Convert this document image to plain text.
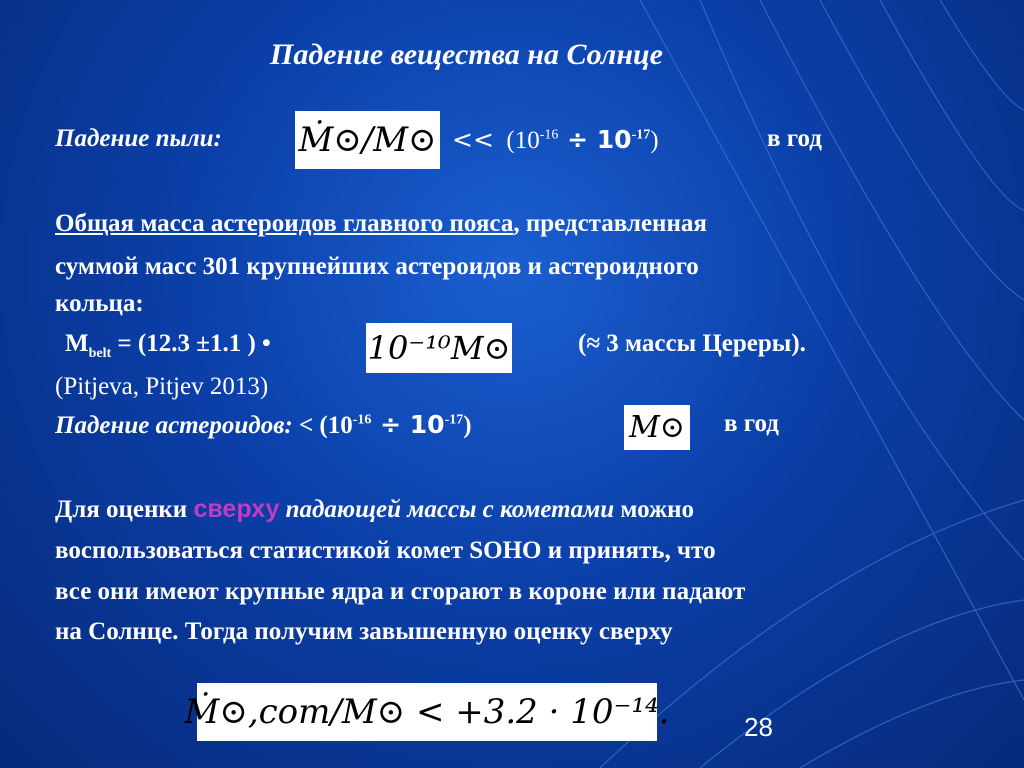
Падение вещества на Солнце
Падение пыли: Ṁ⊙/M⊙ << $(10^{-16} \div 10^{-17})$	в год
Общая масса астероидов главного пояса, представленная
суммой масс 301 крупнейших астероидов и астероидного
кольца:
$M_{belt} = (12.3 \pm 1.1$ ) •	10⁻¹⁰M⊙	(≈ 3 массы Цереры).
(Pitjeva, Pitjev 2013)
Падение астероидов: < $(10^{-16} \div 10^{-17})$	M⊙ в год
Для оценки сверху падающей массы с кометами можно
воспользоваться статистикой комет SOHO и принять, что
все они имеют крупные ядра и сгорают в короне или падают
на Солнце. Тогда получим завышенную оценку сверху
Ṁ⊙,com/M⊙ < +3.2 · 10⁻¹⁴.	28
